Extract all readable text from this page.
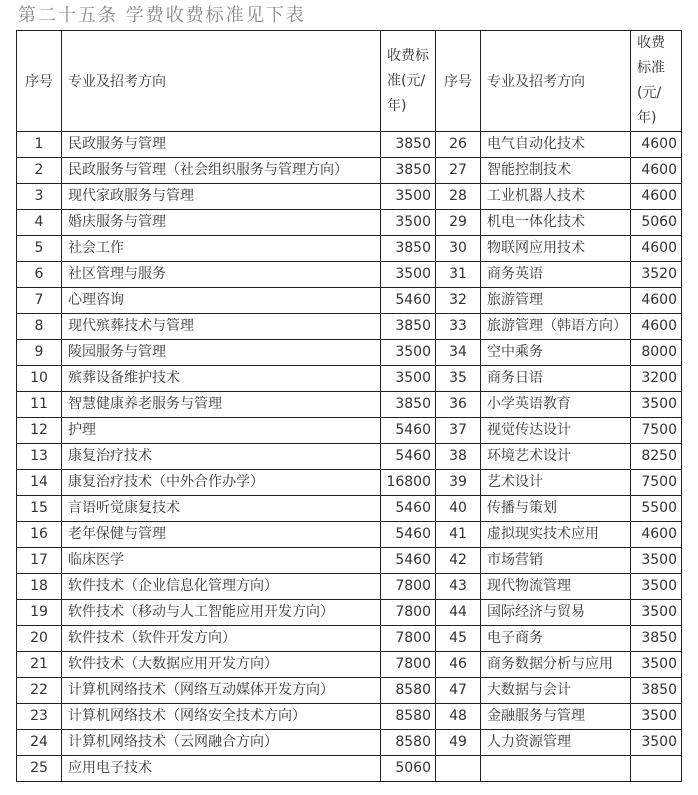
第二十五条 学费收费标准见下表
序号	专业及招考方向	收费标准(元/年)	序号	专业及招考方向	收费标准(元/年)
1	民政服务与管理	3850	26	电气自动化技术	4600
2	民政服务与管理（社会组织服务与管理方向）	3850	27	智能控制技术	4600
3	现代家政服务与管理	3500	28	工业机器人技术	4600
4	婚庆服务与管理	3500	29	机电一体化技术	5060
5	社会工作	3850	30	物联网应用技术	4600
6	社区管理与服务	3500	31	商务英语	3520
7	心理咨询	5460	32	旅游管理	4600
8	现代殡葬技术与管理	3850	33	旅游管理（韩语方向）	4600
9	陵园服务与管理	3500	34	空中乘务	8000
10	殡葬设备维护技术	3500	35	商务日语	3200
11	智慧健康养老服务与管理	3850	36	小学英语教育	3500
12	护理	5460	37	视觉传达设计	7500
13	康复治疗技术	5460	38	环境艺术设计	8250
14	康复治疗技术（中外合作办学）	16800	39	艺术设计	7500
15	言语听觉康复技术	5460	40	传播与策划	5500
16	老年保健与管理	5460	41	虚拟现实技术应用	4600
17	临床医学	5460	42	市场营销	3500
18	软件技术（企业信息化管理方向）	7800	43	现代物流管理	3500
19	软件技术（移动与人工智能应用开发方向）	7800	44	国际经济与贸易	3500
20	软件技术（软件开发方向）	7800	45	电子商务	3850
21	软件技术（大数据应用开发方向）	7800	46	商务数据分析与应用	3500
22	计算机网络技术（网络互动媒体开发方向）	8580	47	大数据与会计	3850
23	计算机网络技术（网络安全技术方向）	8580	48	金融服务与管理	3500
24	计算机网络技术（云网融合方向）	8580	49	人力资源管理	3500
25	应用电子技术	5060			
